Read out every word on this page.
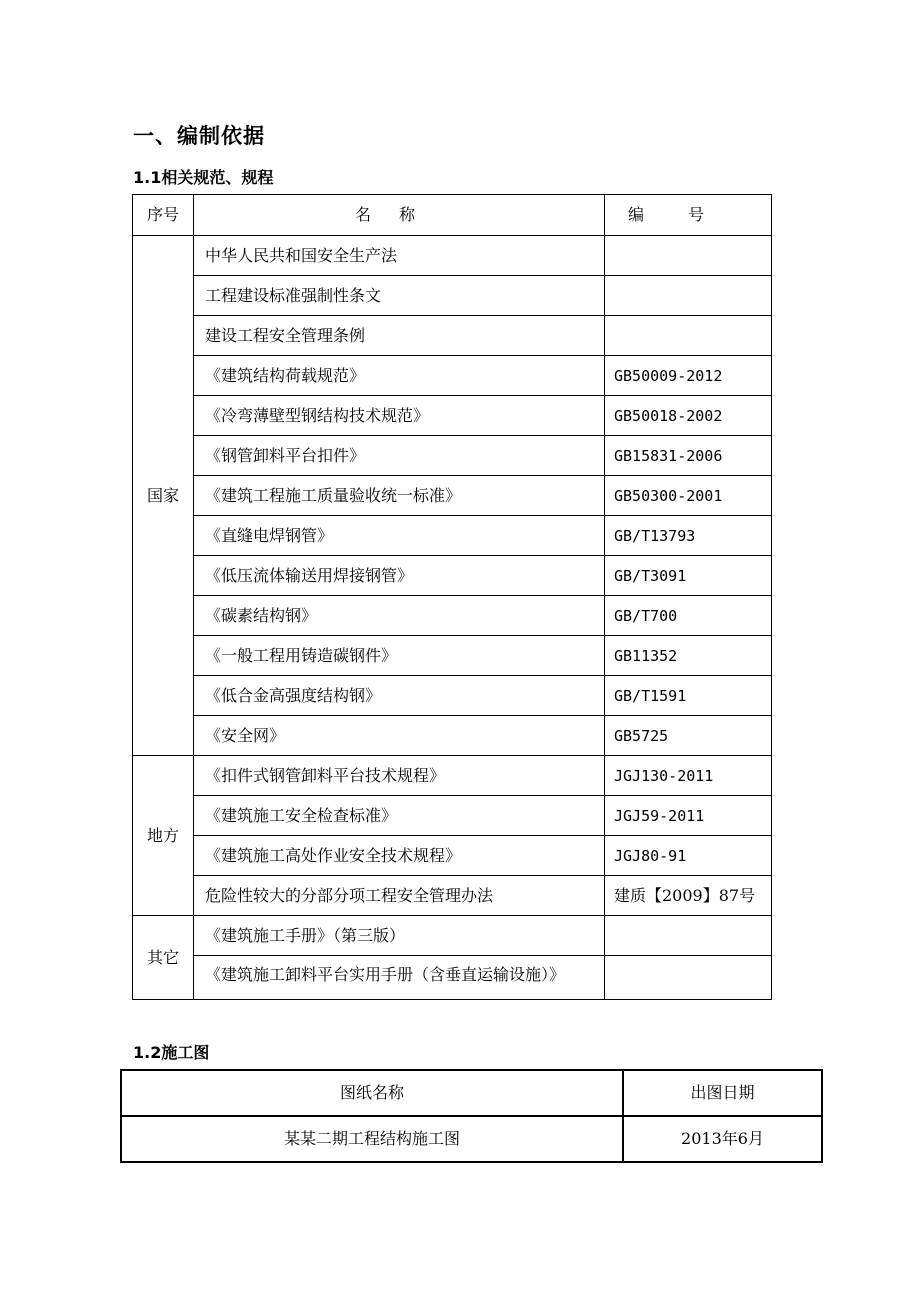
一、编制依据
1.1相关规范、规程
序号	名称	编号
国家	中华人民共和国安全生产法	
	工程建设标准强制性条文	
	建设工程安全管理条例	
	《建筑结构荷载规范》	GB50009-2012
	《冷弯薄壁型钢结构技术规范》	GB50018-2002
	《钢管卸料平台扣件》	GB15831-2006
	《建筑工程施工质量验收统一标准》	GB50300-2001
	《直缝电焊钢管》	GB/T13793
	《低压流体输送用焊接钢管》	GB/T3091
	《碳素结构钢》	GB/T700
	《一般工程用铸造碳钢件》	GB11352
	《低合金高强度结构钢》	GB/T1591
	《安全网》	GB5725
地方	《扣件式钢管卸料平台技术规程》	JGJ130-2011
	《建筑施工安全检查标准》	JGJ59-2011
	《建筑施工高处作业安全技术规程》	JGJ80-91
	危险性较大的分部分项工程安全管理办法	建质【2009】87号
其它	《建筑施工手册》（第三版）	
	《建筑施工卸料平台实用手册（含垂直运输设施）》	
1.2施工图
图纸名称	出图日期
某某二期工程结构施工图	2013年6月
